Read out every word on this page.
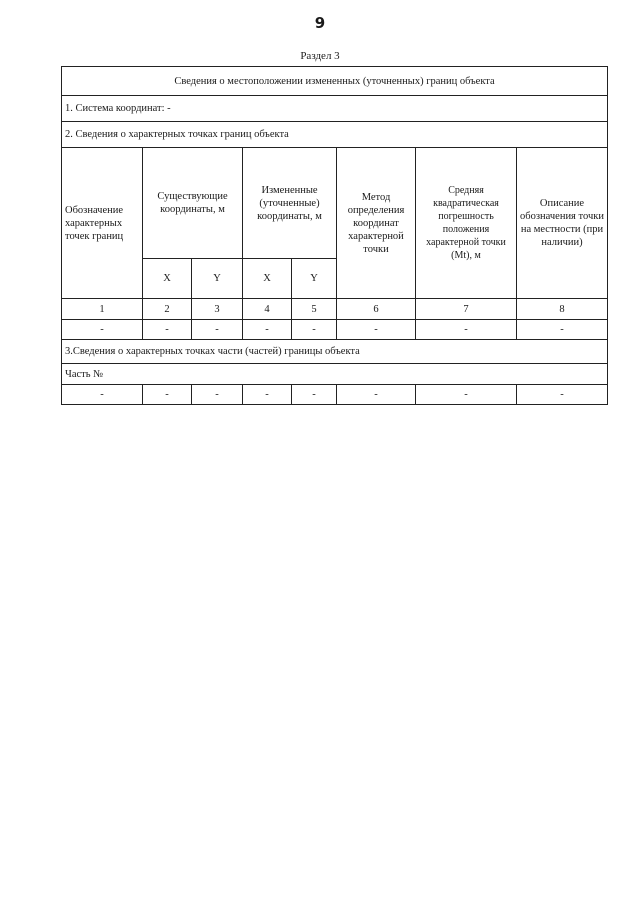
9
Раздел 3
Сведения о местоположении измененных (уточненных) границ объекта							
1. Система координат: -							
2. Сведения о характерных точках границ объекта							
Обозначение характерных точек границ	Существующие координаты, м		Измененные (уточненные) координаты, м		Метод определения координат характерной точки	Средняя квадратическая погрешность положения характерной точки (Mt), м	Описание обозначения точки на местности (при наличии)
	X	Y	X	Y			
1	2	3	4	5	6	7	8
-	-	-	-	-	-	-	-
3.Сведения о характерных точках части (частей) границы объекта							
Часть №							
-	-	-	-	-	-	-	-
